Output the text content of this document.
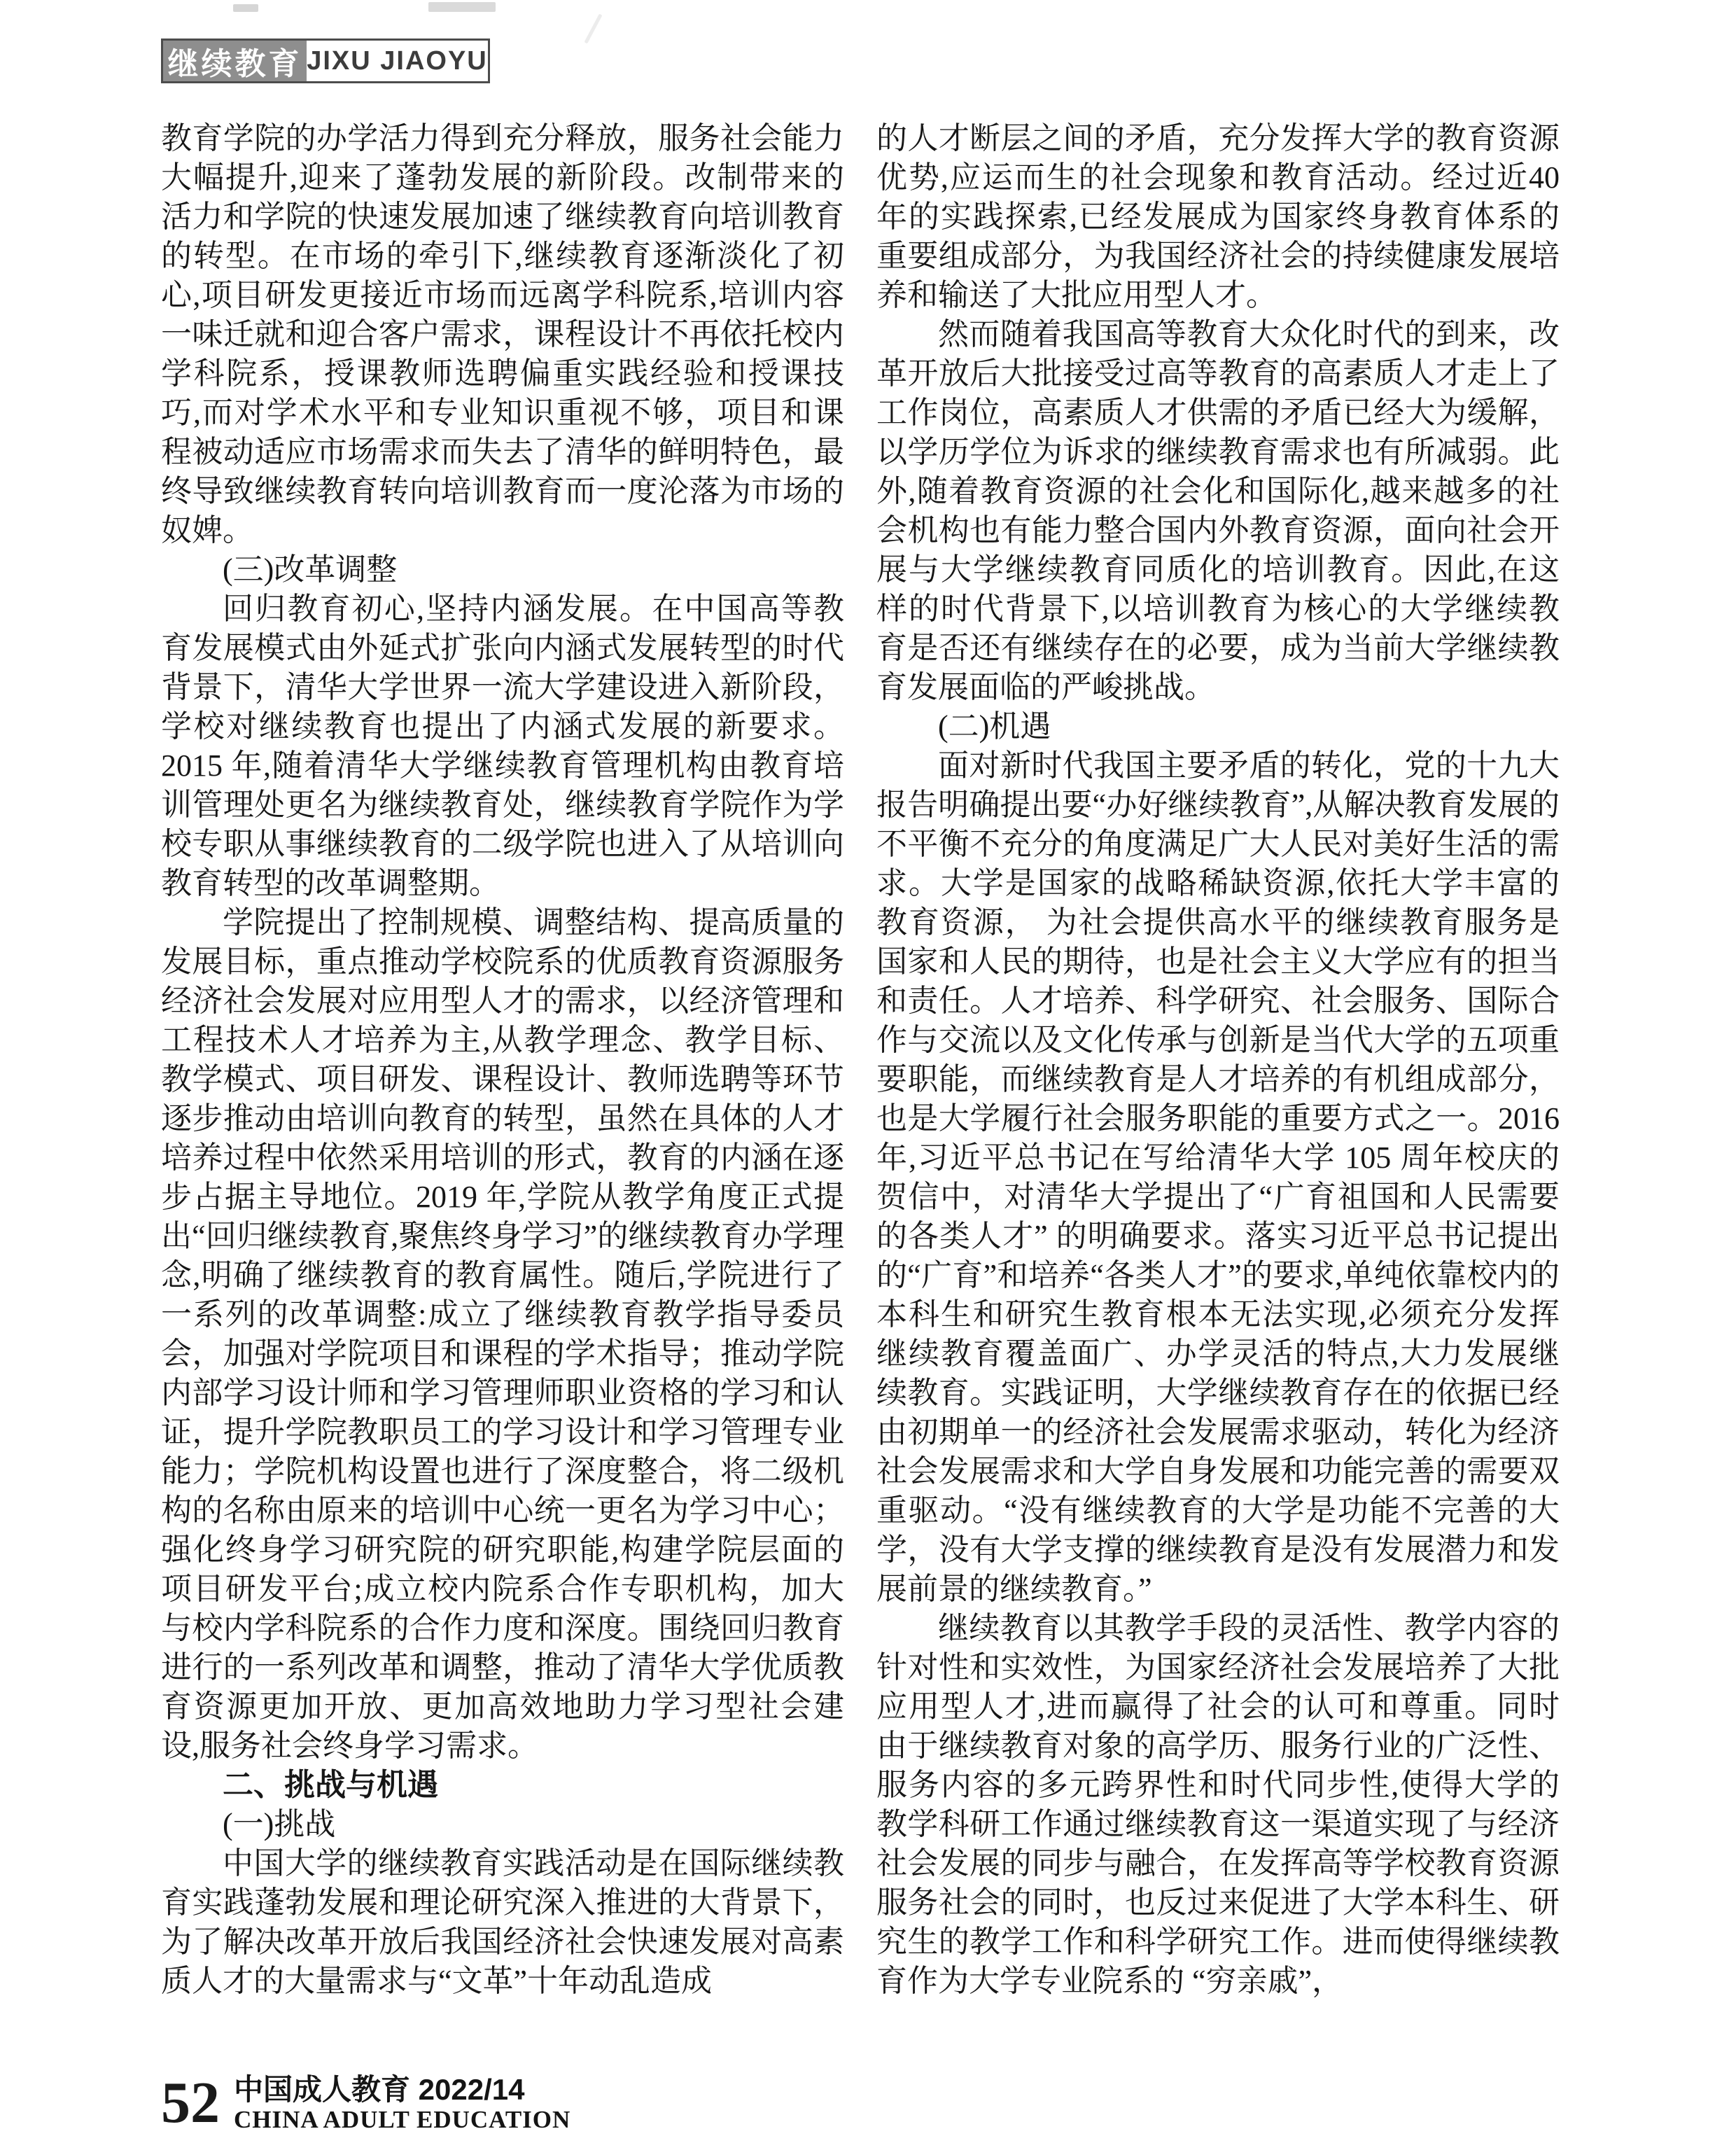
继续教育 JIXU JIAOYU

教育学院的办学活力得到充分释放，服务社会能力大幅提升,迎来了蓬勃发展的新阶段。改制带来的活力和学院的快速发展加速了继续教育向培训教育的转型。在市场的牵引下,继续教育逐渐淡化了初心,项目研发更接近市场而远离学科院系,培训内容一味迁就和迎合客户需求，课程设计不再依托校内学科院系，授课教师选聘偏重实践经验和授课技巧,而对学术水平和专业知识重视不够，项目和课程被动适应市场需求而失去了清华的鲜明特色，最终导致继续教育转向培训教育而一度沦落为市场的奴婢。

(三)改革调整

回归教育初心,坚持内涵发展。在中国高等教育发展模式由外延式扩张向内涵式发展转型的时代背景下，清华大学世界一流大学建设进入新阶段，学校对继续教育也提出了内涵式发展的新要求。2015 年,随着清华大学继续教育管理机构由教育培训管理处更名为继续教育处，继续教育学院作为学校专职从事继续教育的二级学院也进入了从培训向教育转型的改革调整期。

学院提出了控制规模、调整结构、提高质量的发展目标，重点推动学校院系的优质教育资源服务经济社会发展对应用型人才的需求，以经济管理和工程技术人才培养为主,从教学理念、教学目标、教学模式、项目研发、课程设计、教师选聘等环节逐步推动由培训向教育的转型，虽然在具体的人才培养过程中依然采用培训的形式，教育的内涵在逐步占据主导地位。2019 年,学院从教学角度正式提出“回归继续教育,聚焦终身学习”的继续教育办学理念,明确了继续教育的教育属性。随后,学院进行了一系列的改革调整:成立了继续教育教学指导委员会，加强对学院项目和课程的学术指导；推动学院内部学习设计师和学习管理师职业资格的学习和认证，提升学院教职员工的学习设计和学习管理专业能力；学院机构设置也进行了深度整合，将二级机构的名称由原来的培训中心统一更名为学习中心；强化终身学习研究院的研究职能,构建学院层面的项目研发平台;成立校内院系合作专职机构，加大与校内学科院系的合作力度和深度。围绕回归教育进行的一系列改革和调整，推动了清华大学优质教育资源更加开放、更加高效地助力学习型社会建设,服务社会终身学习需求。

二、挑战与机遇

(一)挑战

中国大学的继续教育实践活动是在国际继续教育实践蓬勃发展和理论研究深入推进的大背景下，为了解决改革开放后我国经济社会快速发展对高素质人才的大量需求与“文革”十年动乱造成

的人才断层之间的矛盾，充分发挥大学的教育资源优势,应运而生的社会现象和教育活动。经过近40 年的实践探索,已经发展成为国家终身教育体系的重要组成部分，为我国经济社会的持续健康发展培养和输送了大批应用型人才。

然而随着我国高等教育大众化时代的到来，改革开放后大批接受过高等教育的高素质人才走上了工作岗位，高素质人才供需的矛盾已经大为缓解，以学历学位为诉求的继续教育需求也有所减弱。此外,随着教育资源的社会化和国际化,越来越多的社会机构也有能力整合国内外教育资源，面向社会开展与大学继续教育同质化的培训教育。因此,在这样的时代背景下,以培训教育为核心的大学继续教育是否还有继续存在的必要，成为当前大学继续教育发展面临的严峻挑战。

(二)机遇

面对新时代我国主要矛盾的转化，党的十九大报告明确提出要“办好继续教育”,从解决教育发展的不平衡不充分的角度满足广大人民对美好生活的需求。大学是国家的战略稀缺资源,依托大学丰富的教育资源， 为社会提供高水平的继续教育服务是国家和人民的期待，也是社会主义大学应有的担当和责任。人才培养、科学研究、社会服务、国际合作与交流以及文化传承与创新是当代大学的五项重要职能，而继续教育是人才培养的有机组成部分，也是大学履行社会服务职能的重要方式之一。2016 年,习近平总书记在写给清华大学 105 周年校庆的贺信中，对清华大学提出了“广育祖国和人民需要的各类人才” 的明确要求。落实习近平总书记提出的“广育”和培养“各类人才”的要求,单纯依靠校内的本科生和研究生教育根本无法实现,必须充分发挥继续教育覆盖面广、办学灵活的特点,大力发展继续教育。实践证明，大学继续教育存在的依据已经由初期单一的经济社会发展需求驱动，转化为经济社会发展需求和大学自身发展和功能完善的需要双重驱动。“没有继续教育的大学是功能不完善的大学，没有大学支撑的继续教育是没有发展潜力和发展前景的继续教育。”

继续教育以其教学手段的灵活性、教学内容的针对性和实效性，为国家经济社会发展培养了大批应用型人才,进而赢得了社会的认可和尊重。同时由于继续教育对象的高学历、服务行业的广泛性、服务内容的多元跨界性和时代同步性,使得大学的教学科研工作通过继续教育这一渠道实现了与经济社会发展的同步与融合，在发挥高等学校教育资源服务社会的同时，也反过来促进了大学本科生、研究生的教学工作和科学研究工作。进而使得继续教育作为大学专业院系的 “穷亲戚”，

52 中国成人教育 2022/14
CHINA ADULT EDUCATION
